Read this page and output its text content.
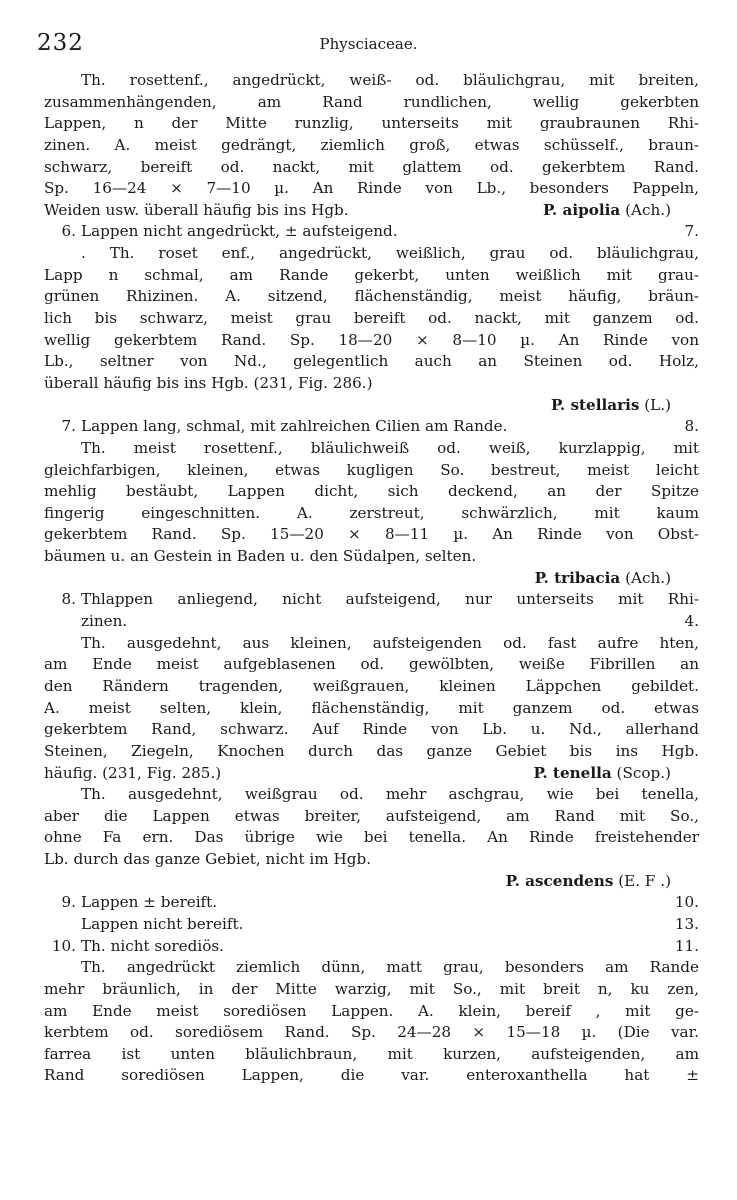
232	Physciaceae.
Th. rosettenf., angedrückt, weiß- od. bläulichgrau, mit breiten,
zusammenhängenden, am Rand rundlichen, wellig gekerbten
Lappen, n der Mitte runzlig, unterseits mit graubraunen Rhi-
zinen. A. meist gedrängt, ziemlich groß, etwas schüsself., braun-
schwarz, bereift od. nackt, mit glattem od. gekerbtem Rand.
Sp. 16—24 × 7—10 µ. An Rinde von Lb., besonders Pappeln,
Weiden usw. überall häufig bis ins Hgb.	P. aipolia (Ach.)
6. Lappen nicht angedrückt, ± aufsteigend.	7.
. Th. roset enf., angedrückt, weißlich, grau od. bläulichgrau,
Lapp n schmal, am Rande gekerbt, unten weißlich mit grau-
grünen Rhizinen. A. sitzend, flächenständig, meist häufig, bräun-
lich bis schwarz, meist grau bereift od. nackt, mit ganzem od.
wellig gekerbtem Rand. Sp. 18—20 × 8—10 µ. An Rinde von
Lb., seltner von Nd., gelegentlich auch an Steinen od. Holz,
überall häufig bis ins Hgb. (231, Fig. 286.)
P. stellaris (L.)
7. Lappen lang, schmal, mit zahlreichen Cilien am Rande.	8.
Th. meist rosettenf., bläulichweiß od. weiß, kurzlappig, mit
gleichfarbigen, kleinen, etwas kugligen So. bestreut, meist leicht
mehlig bestäubt, Lappen dicht, sich deckend, an der Spitze
fingerig eingeschnitten. A. zerstreut, schwärzlich, mit kaum
gekerbtem Rand. Sp. 15—20 × 8—11 µ. An Rinde von Obst-
bäumen u. an Gestein in Baden u. den Südalpen, selten.
P. tribacia (Ach.)
8. Thlappen anliegend, nicht aufsteigend, nur unterseits mit Rhi-
zinen.	4.
Th. ausgedehnt, aus kleinen, aufsteigenden od. fast aufre hten,
am Ende meist aufgeblasenen od. gewölbten, weiße Fibrillen an
den Rändern tragenden, weißgrauen, kleinen Läppchen gebildet.
A. meist selten, klein, flächenständig, mit ganzem od. etwas
gekerbtem Rand, schwarz. Auf Rinde von Lb. u. Nd., allerhand
Steinen, Ziegeln, Knochen durch das ganze Gebiet bis ins Hgb.
häufig. (231, Fig. 285.)	P. tenella (Scop.)
Th. ausgedehnt, weißgrau od. mehr aschgrau, wie bei tenella,
aber die Lappen etwas breiter, aufsteigend, am Rand mit So.,
ohne Fa ern. Das übrige wie bei tenella. An Rinde freistehender
Lb. durch das ganze Gebiet, nicht im Hgb.
P. ascendens (E. F .)
9. Lappen ± bereift.	10.
Lappen nicht bereift.	13.
10. Th. nicht sorediös.	11.
Th. angedrückt ziemlich dünn, matt grau, besonders am Rande
mehr bräunlich, in der Mitte warzig, mit So., mit breit n, ku zen,
am Ende meist sorediösen Lappen. A. klein, bereif , mit ge-
kerbtem od. sorediösem Rand. Sp. 24—28 × 15—18 µ. (Die var.
farrea ist unten bläulichbraun, mit kurzen, aufsteigenden, am
Rand sorediösen Lappen, die var. enteroxanthella hat ±
